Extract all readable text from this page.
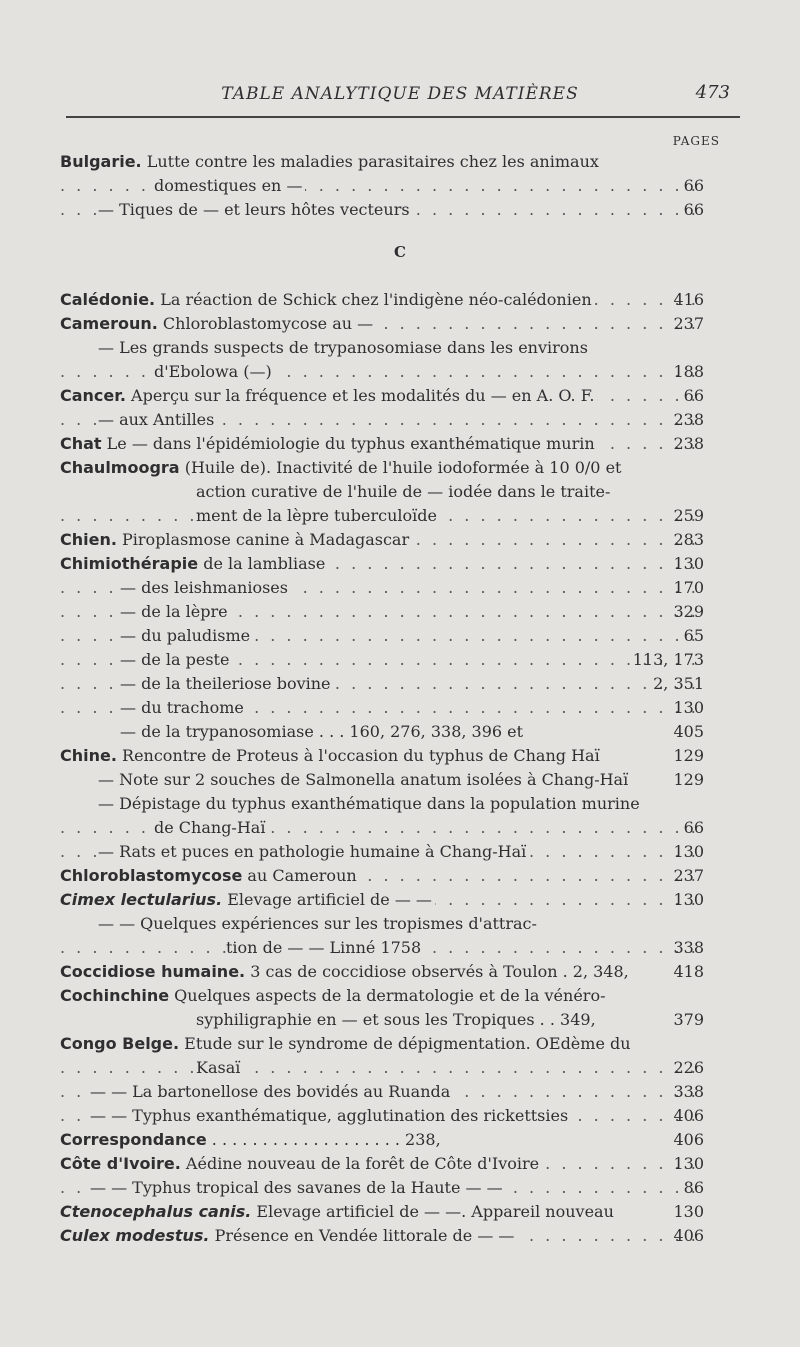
TABLE ANALYTIQUE DES MATIÈRES	473
PAGES
C
Bulgarie. Lutte contre les maladies parasitaires chez les animaux
domestiques en — . . .	66
— Tiques de — et leurs hôtes vecteurs . . .	66
Calédonie. La réaction de Schick chez l'indigène néo-calédonien . . .	416
Cameroun. Chloroblastomycose au — . . .	237
— Les grands suspects de trypanosomiase dans les environs
d'Ebolowa (—) . . .	188
Cancer. Aperçu sur la fréquence et les modalités du — en A. O. F. . . .	66
— aux Antilles . . .	238
Chat Le — dans l'épidémiologie du typhus exanthématique murin . . .	238
Chaulmoogra (Huile de). Inactivité de l'huile iodoformée à 10 0/0 et
action curative de l'huile de — iodée dans le traite-
ment de la lèpre tuberculoïde . . .	259
Chien. Piroplasmose canine à Madagascar . . .	283
Chimiothérapie de la lambliase . . .	130
— des leishmanioses . . .	170
— de la lèpre . . .	329
— du paludisme . . .	65
— de la peste . . .	113, 173
— de la theileriose bovine . . .	2, 351
— du trachome . . .	130
— de la trypanosomiase . . . 160, 276, 338, 396 et	405
Chine. Rencontre de Proteus à l'occasion du typhus de Chang Haï	129
— Note sur 2 souches de Salmonella anatum isolées à Chang-Haï	129
— Dépistage du typhus exanthématique dans la population murine
de Chang-Haï . . .	66
— Rats et puces en pathologie humaine à Chang-Haï . . .	130
Chloroblastomycose au Cameroun . . .	237
Cimex lectularius. Elevage artificiel de — — . . .	130
— — Quelques expériences sur les tropismes d'attrac-
tion de — — Linné 1758 . . .	338
Coccidiose humaine. 3 cas de coccidiose observés à Toulon . 2, 348,	418
Cochinchine Quelques aspects de la dermatologie et de la vénéro-
syphiligraphie en — et sous les Tropiques . . 349,	379
Congo Belge. Etude sur le syndrome de dépigmentation. OEdème du
Kasaï . . .	226
— — La bartonellose des bovidés au Ruanda . . .	338
— — Typhus exanthématique, agglutination des rickettsies . . .	406
Correspondance . . . . . . . . . . . . . . . . . . . 238,	406
Côte d'Ivoire. Aédine nouveau de la forêt de Côte d'Ivoire . . .	130
— — Typhus tropical des savanes de la Haute — — . . .	86
Ctenocephalus canis. Elevage artificiel de — —. Appareil nouveau	130
Culex modestus. Présence en Vendée littorale de — — . . .	406
